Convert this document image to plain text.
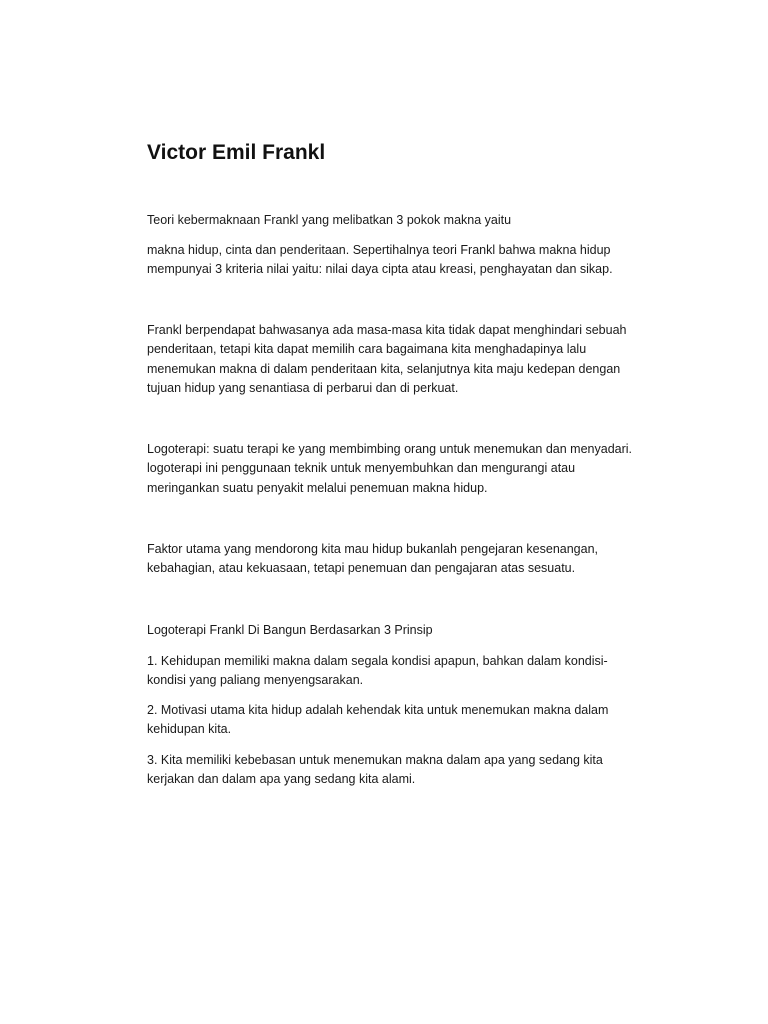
Victor Emil Frankl

Teori kebermaknaan Frankl yang melibatkan 3 pokok makna yaitu

makna hidup, cinta dan penderitaan. Sepertihalnya teori Frankl bahwa makna hidup
mempunyai 3 kriteria nilai yaitu: nilai daya cipta atau kreasi, penghayatan dan sikap.

Frankl berpendapat bahwasanya ada masa-masa kita tidak dapat menghindari sebuah
penderitaan, tetapi kita dapat memilih cara bagaimana kita menghadapinya lalu
menemukan makna di dalam penderitaan kita, selanjutnya kita maju kedepan dengan
tujuan hidup yang senantiasa di perbarui dan di perkuat.

Logoterapi: suatu terapi ke yang membimbing orang untuk menemukan dan menyadari.
logoterapi ini penggunaan teknik untuk menyembuhkan dan mengurangi atau
meringankan suatu penyakit melalui penemuan makna hidup.

Faktor utama yang mendorong kita mau hidup bukanlah pengejaran kesenangan,
kebahagian, atau kekuasaan, tetapi penemuan dan pengajaran atas sesuatu.

Logoterapi Frankl Di Bangun Berdasarkan 3 Prinsip

1. Kehidupan memiliki makna dalam segala kondisi apapun, bahkan dalam kondisi-
kondisi yang paliang menyengsarakan.

2. Motivasi utama kita hidup adalah kehendak kita untuk menemukan makna dalam
kehidupan kita.

3. Kita memiliki kebebasan untuk menemukan makna dalam apa yang sedang kita
kerjakan dan dalam apa yang sedang kita alami.
